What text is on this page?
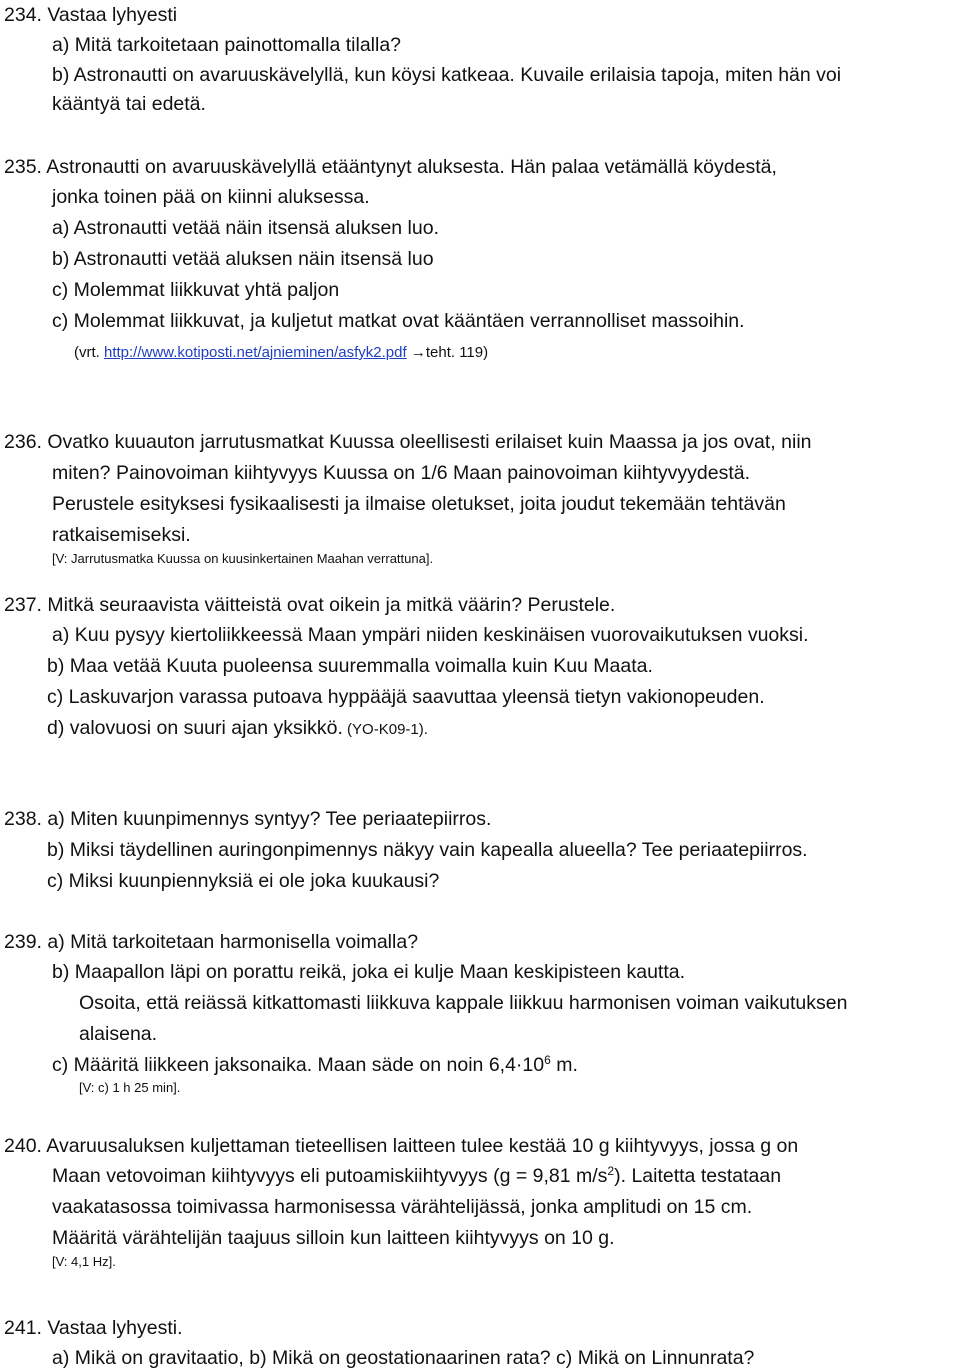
234. Vastaa lyhyesti
a) Mitä tarkoitetaan painottomalla tilalla?
b) Astronautti on avaruuskävelyllä, kun köysi katkeaa. Kuvaile erilaisia tapoja, miten hän voi
kääntyä tai edetä.
235. Astronautti on avaruuskävelyllä etääntynyt aluksesta. Hän palaa vetämällä köydestä,
jonka toinen pää on kiinni aluksessa.
a) Astronautti vetää näin itsensä aluksen luo.
b) Astronautti vetää aluksen näin itsensä luo
c) Molemmat liikkuvat yhtä paljon
c) Molemmat liikkuvat, ja kuljetut matkat ovat kääntäen verrannolliset massoihin.
(vrt. http://www.kotiposti.net/ajnieminen/asfyk2.pdf →teht. 119)
236. Ovatko kuuauton jarrutusmatkat Kuussa oleellisesti erilaiset kuin Maassa ja jos ovat, niin
miten? Painovoiman kiihtyvyys Kuussa on 1/6 Maan painovoiman kiihtyvyydestä.
Perustele esityksesi fysikaalisesti ja ilmaise oletukset, joita joudut tekemään tehtävän
ratkaisemiseksi.
[V: Jarrutusmatka Kuussa on kuusinkertainen Maahan verrattuna].
237. Mitkä seuraavista väitteistä ovat oikein ja mitkä väärin? Perustele.
a) Kuu pysyy kiertoliikkeessä Maan ympäri niiden keskinäisen vuorovaikutuksen vuoksi.
b) Maa vetää Kuuta puoleensa suuremmalla voimalla kuin Kuu Maata.
c) Laskuvarjon varassa putoava hyppääjä saavuttaa yleensä tietyn vakionopeuden.
d) valovuosi on suuri ajan yksikkö. (YO-K09-1).
238. a) Miten kuunpimennys syntyy? Tee periaatepiirros.
b) Miksi täydellinen auringonpimennys näkyy vain kapealla alueella? Tee periaatepiirros.
c) Miksi kuunpiennyksiä ei ole joka kuukausi?
239. a) Mitä tarkoitetaan harmonisella voimalla?
b) Maapallon läpi on porattu reikä, joka ei kulje Maan keskipisteen kautta.
Osoita, että reiässä kitkattomasti liikkuva kappale liikkuu harmonisen voiman vaikutuksen
alaisena.
c) Määritä liikkeen jaksonaika. Maan säde on noin $6,4\cdot 10^6$ m.
[V: c) 1 h 25 min].
240. Avaruusaluksen kuljettaman tieteellisen laitteen tulee kestää 10 g kiihtyvyys, jossa g on
Maan vetovoiman kiihtyvyys eli putoamiskiihtyvyys (g = 9,81 $m/s^2$). Laitetta testataan
vaakatasossa toimivassa harmonisessa värähtelijässä, jonka amplitudi on 15 cm.
Määritä värähtelijän taajuus silloin kun laitteen kiihtyvyys on 10 g.
[V: 4,1 Hz].
241. Vastaa lyhyesti.
a) Mikä on gravitaatio, b) Mikä on geostationaarinen rata? c) Mikä on Linnunrata?
